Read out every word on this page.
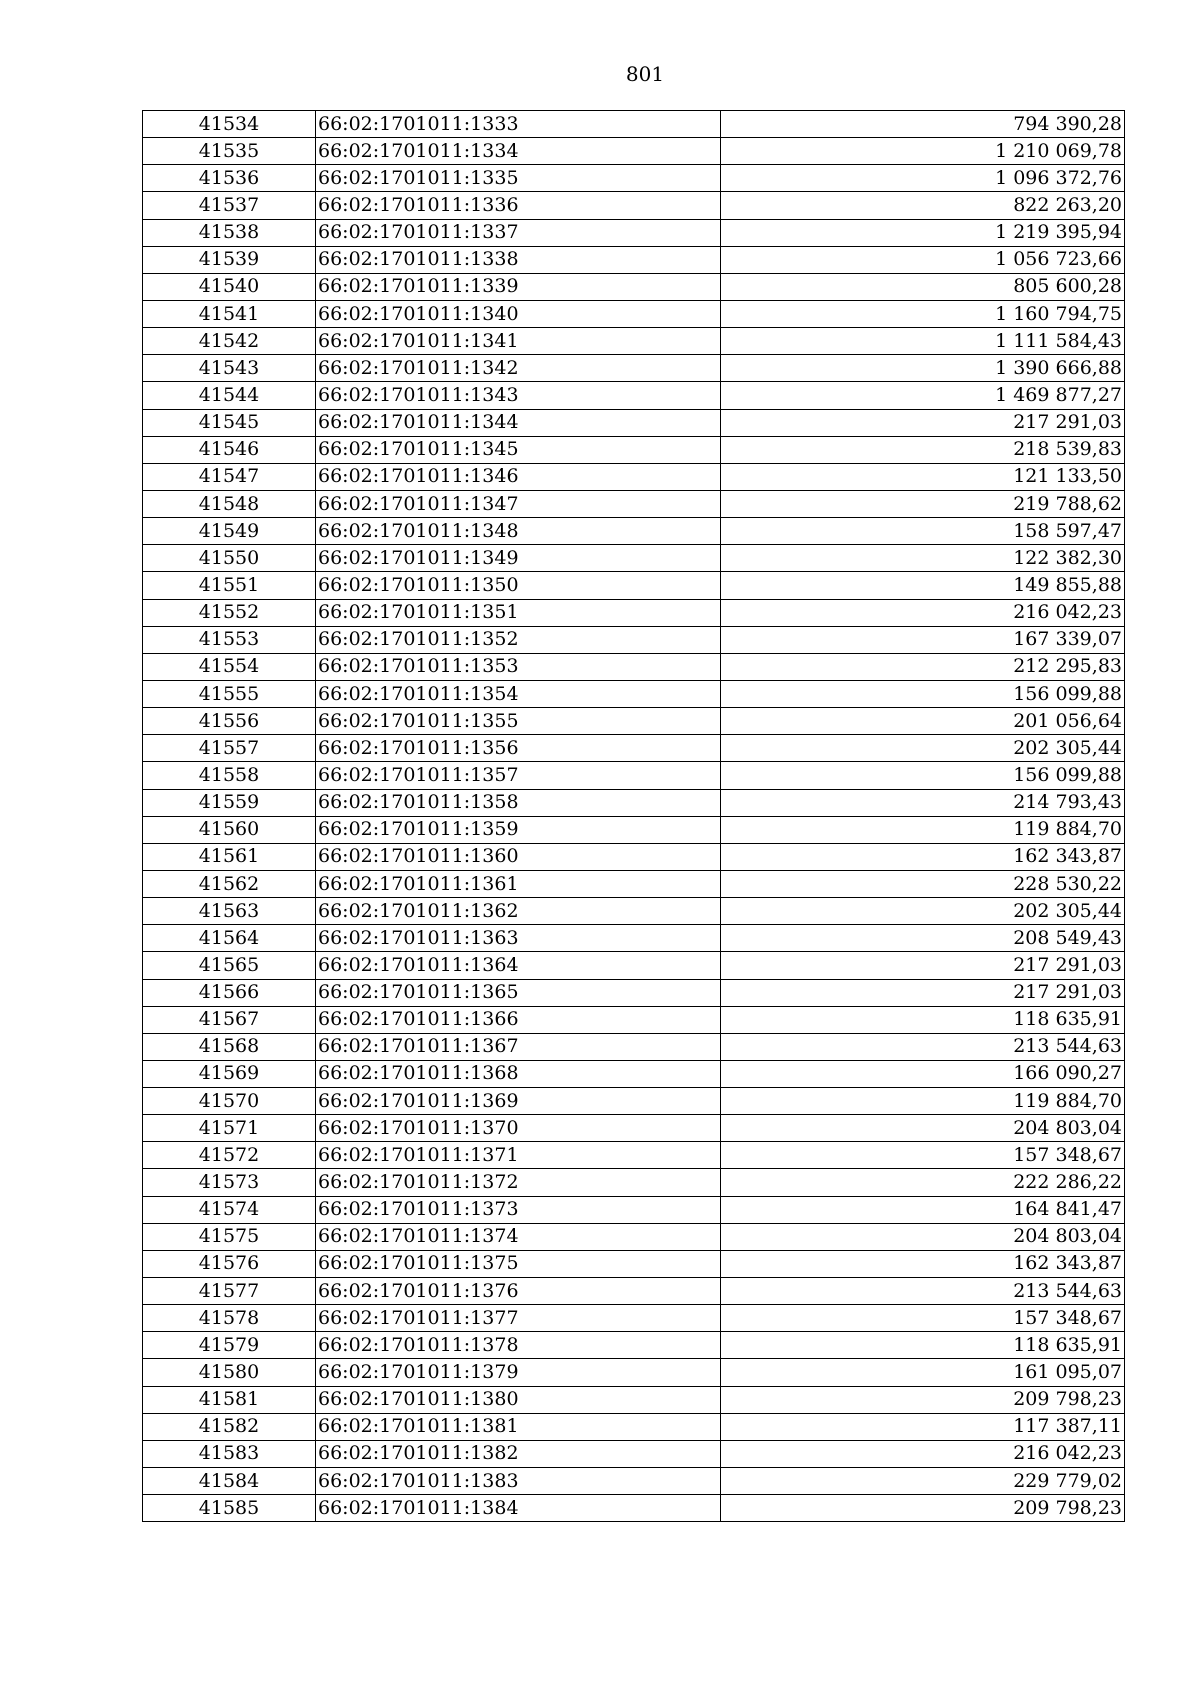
801
41534	66:02:1701011:1333	794 390,28
41535	66:02:1701011:1334	1 210 069,78
41536	66:02:1701011:1335	1 096 372,76
41537	66:02:1701011:1336	822 263,20
41538	66:02:1701011:1337	1 219 395,94
41539	66:02:1701011:1338	1 056 723,66
41540	66:02:1701011:1339	805 600,28
41541	66:02:1701011:1340	1 160 794,75
41542	66:02:1701011:1341	1 111 584,43
41543	66:02:1701011:1342	1 390 666,88
41544	66:02:1701011:1343	1 469 877,27
41545	66:02:1701011:1344	217 291,03
41546	66:02:1701011:1345	218 539,83
41547	66:02:1701011:1346	121 133,50
41548	66:02:1701011:1347	219 788,62
41549	66:02:1701011:1348	158 597,47
41550	66:02:1701011:1349	122 382,30
41551	66:02:1701011:1350	149 855,88
41552	66:02:1701011:1351	216 042,23
41553	66:02:1701011:1352	167 339,07
41554	66:02:1701011:1353	212 295,83
41555	66:02:1701011:1354	156 099,88
41556	66:02:1701011:1355	201 056,64
41557	66:02:1701011:1356	202 305,44
41558	66:02:1701011:1357	156 099,88
41559	66:02:1701011:1358	214 793,43
41560	66:02:1701011:1359	119 884,70
41561	66:02:1701011:1360	162 343,87
41562	66:02:1701011:1361	228 530,22
41563	66:02:1701011:1362	202 305,44
41564	66:02:1701011:1363	208 549,43
41565	66:02:1701011:1364	217 291,03
41566	66:02:1701011:1365	217 291,03
41567	66:02:1701011:1366	118 635,91
41568	66:02:1701011:1367	213 544,63
41569	66:02:1701011:1368	166 090,27
41570	66:02:1701011:1369	119 884,70
41571	66:02:1701011:1370	204 803,04
41572	66:02:1701011:1371	157 348,67
41573	66:02:1701011:1372	222 286,22
41574	66:02:1701011:1373	164 841,47
41575	66:02:1701011:1374	204 803,04
41576	66:02:1701011:1375	162 343,87
41577	66:02:1701011:1376	213 544,63
41578	66:02:1701011:1377	157 348,67
41579	66:02:1701011:1378	118 635,91
41580	66:02:1701011:1379	161 095,07
41581	66:02:1701011:1380	209 798,23
41582	66:02:1701011:1381	117 387,11
41583	66:02:1701011:1382	216 042,23
41584	66:02:1701011:1383	229 779,02
41585	66:02:1701011:1384	209 798,23
